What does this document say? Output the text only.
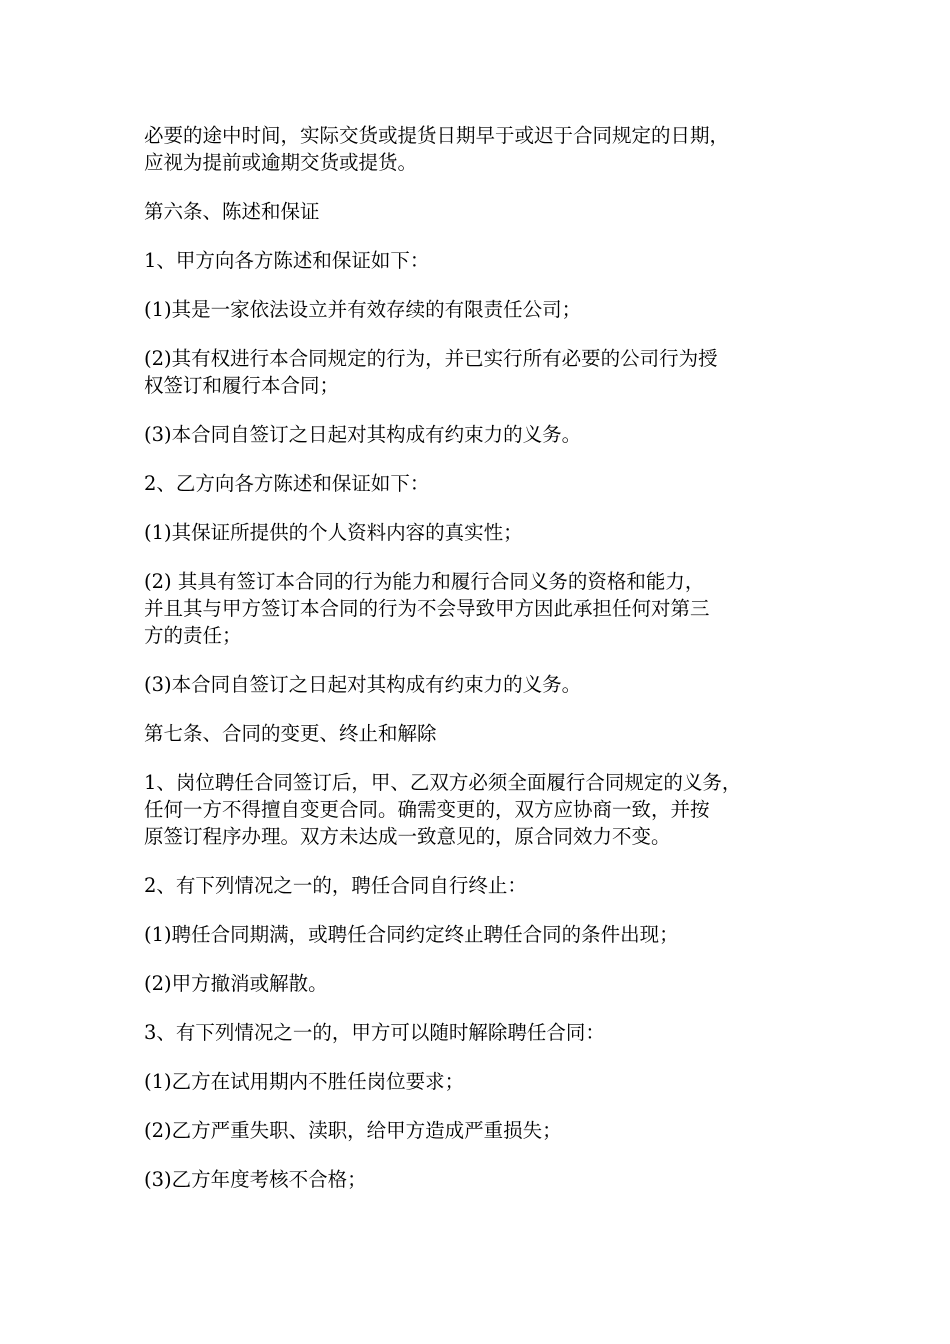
必要的途中时间，实际交货或提货日期早于或迟于合同规定的日期，
应视为提前或逾期交货或提货。

第六条、陈述和保证

1、甲方向各方陈述和保证如下：

(1)其是一家依法设立并有效存续的有限责任公司；

(2)其有权进行本合同规定的行为，并已实行所有必要的公司行为授
权签订和履行本合同；

(3)本合同自签订之日起对其构成有约束力的义务。

2、乙方向各方陈述和保证如下：

(1)其保证所提供的个人资料内容的真实性；

(2) 其具有签订本合同的行为能力和履行合同义务的资格和能力，
并且其与甲方签订本合同的行为不会导致甲方因此承担任何对第三
方的责任；

(3)本合同自签订之日起对其构成有约束力的义务。

第七条、合同的变更、终止和解除

1、岗位聘任合同签订后，甲、乙双方必须全面履行合同规定的义务，
任何一方不得擅自变更合同。确需变更的，双方应协商一致，并按
原签订程序办理。双方未达成一致意见的，原合同效力不变。

2、有下列情况之一的，聘任合同自行终止：

(1)聘任合同期满，或聘任合同约定终止聘任合同的条件出现；

(2)甲方撤消或解散。

3、有下列情况之一的，甲方可以随时解除聘任合同：

(1)乙方在试用期内不胜任岗位要求；

(2)乙方严重失职、渎职，给甲方造成严重损失；

(3)乙方年度考核不合格；
